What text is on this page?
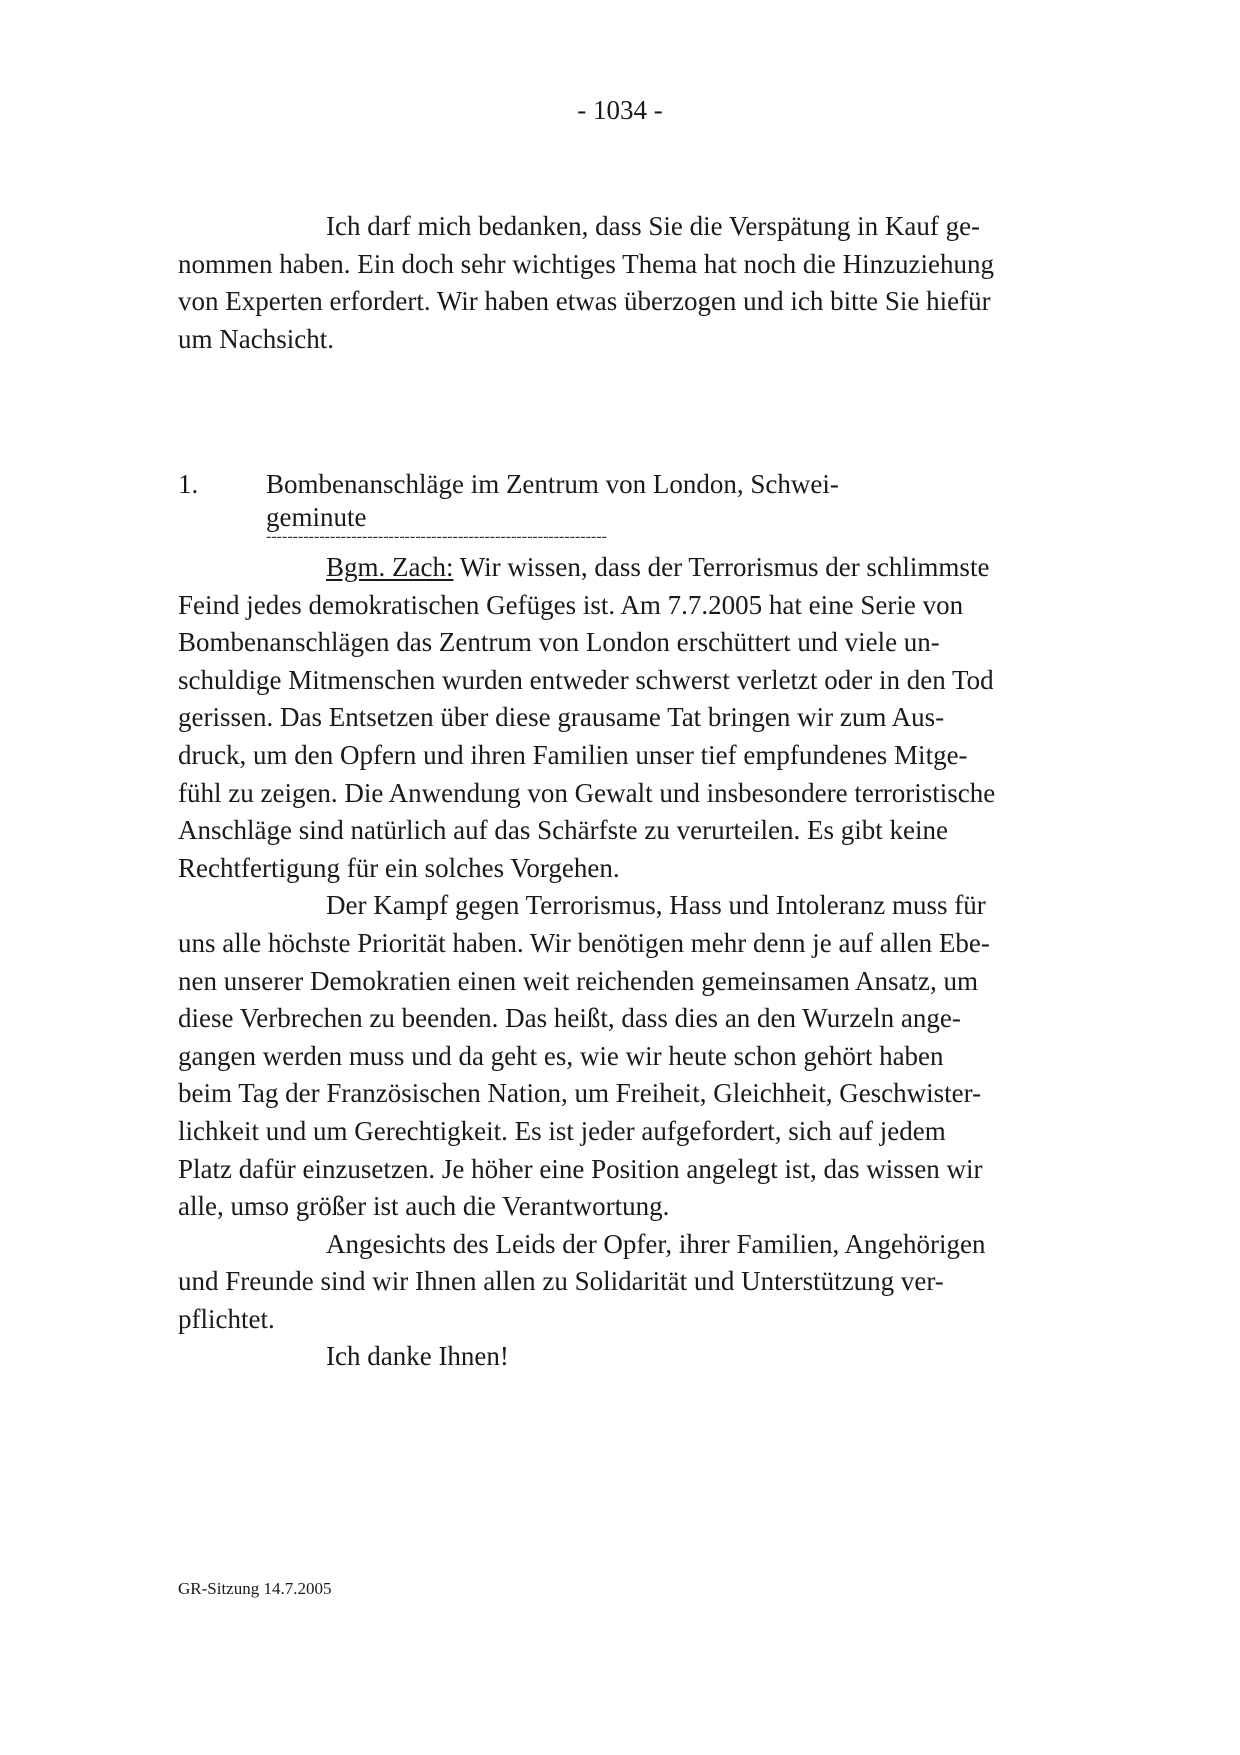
- 1034 -
Ich darf mich bedanken, dass Sie die Verspätung in Kauf ge-
nommen haben. Ein doch sehr wichtiges Thema hat noch die Hinzuziehung
von Experten erfordert. Wir haben etwas überzogen und ich bitte Sie hiefür
um Nachsicht.
1.	Bombenanschläge im Zentrum von London, Schwei-
geminute
----------------------------------------------------------------
Bgm. Zach: Wir wissen, dass der Terrorismus der schlimmste
Feind jedes demokratischen Gefüges ist. Am 7.7.2005 hat eine Serie von
Bombenanschlägen das Zentrum von London erschüttert und viele un-
schuldige Mitmenschen wurden entweder schwerst verletzt oder in den Tod
gerissen. Das Entsetzen über diese grausame Tat bringen wir zum Aus-
druck, um den Opfern und ihren Familien unser tief empfundenes Mitge-
fühl zu zeigen. Die Anwendung von Gewalt und insbesondere terroristische
Anschläge sind natürlich auf das Schärfste zu verurteilen. Es gibt keine
Rechtfertigung für ein solches Vorgehen.
Der Kampf gegen Terrorismus, Hass und Intoleranz muss für
uns alle höchste Priorität haben. Wir benötigen mehr denn je auf allen Ebe-
nen unserer Demokratien einen weit reichenden gemeinsamen Ansatz, um
diese Verbrechen zu beenden. Das heißt, dass dies an den Wurzeln ange-
gangen werden muss und da geht es, wie wir heute schon gehört haben
beim Tag der Französischen Nation, um Freiheit, Gleichheit, Geschwister-
lichkeit und um Gerechtigkeit. Es ist jeder aufgefordert, sich auf jedem
Platz dafür einzusetzen. Je höher eine Position angelegt ist, das wissen wir
alle, umso größer ist auch die Verantwortung.
Angesichts des Leids der Opfer, ihrer Familien, Angehörigen
und Freunde sind wir Ihnen allen zu Solidarität und Unterstützung ver-
pflichtet.
Ich danke Ihnen!
GR-Sitzung 14.7.2005
